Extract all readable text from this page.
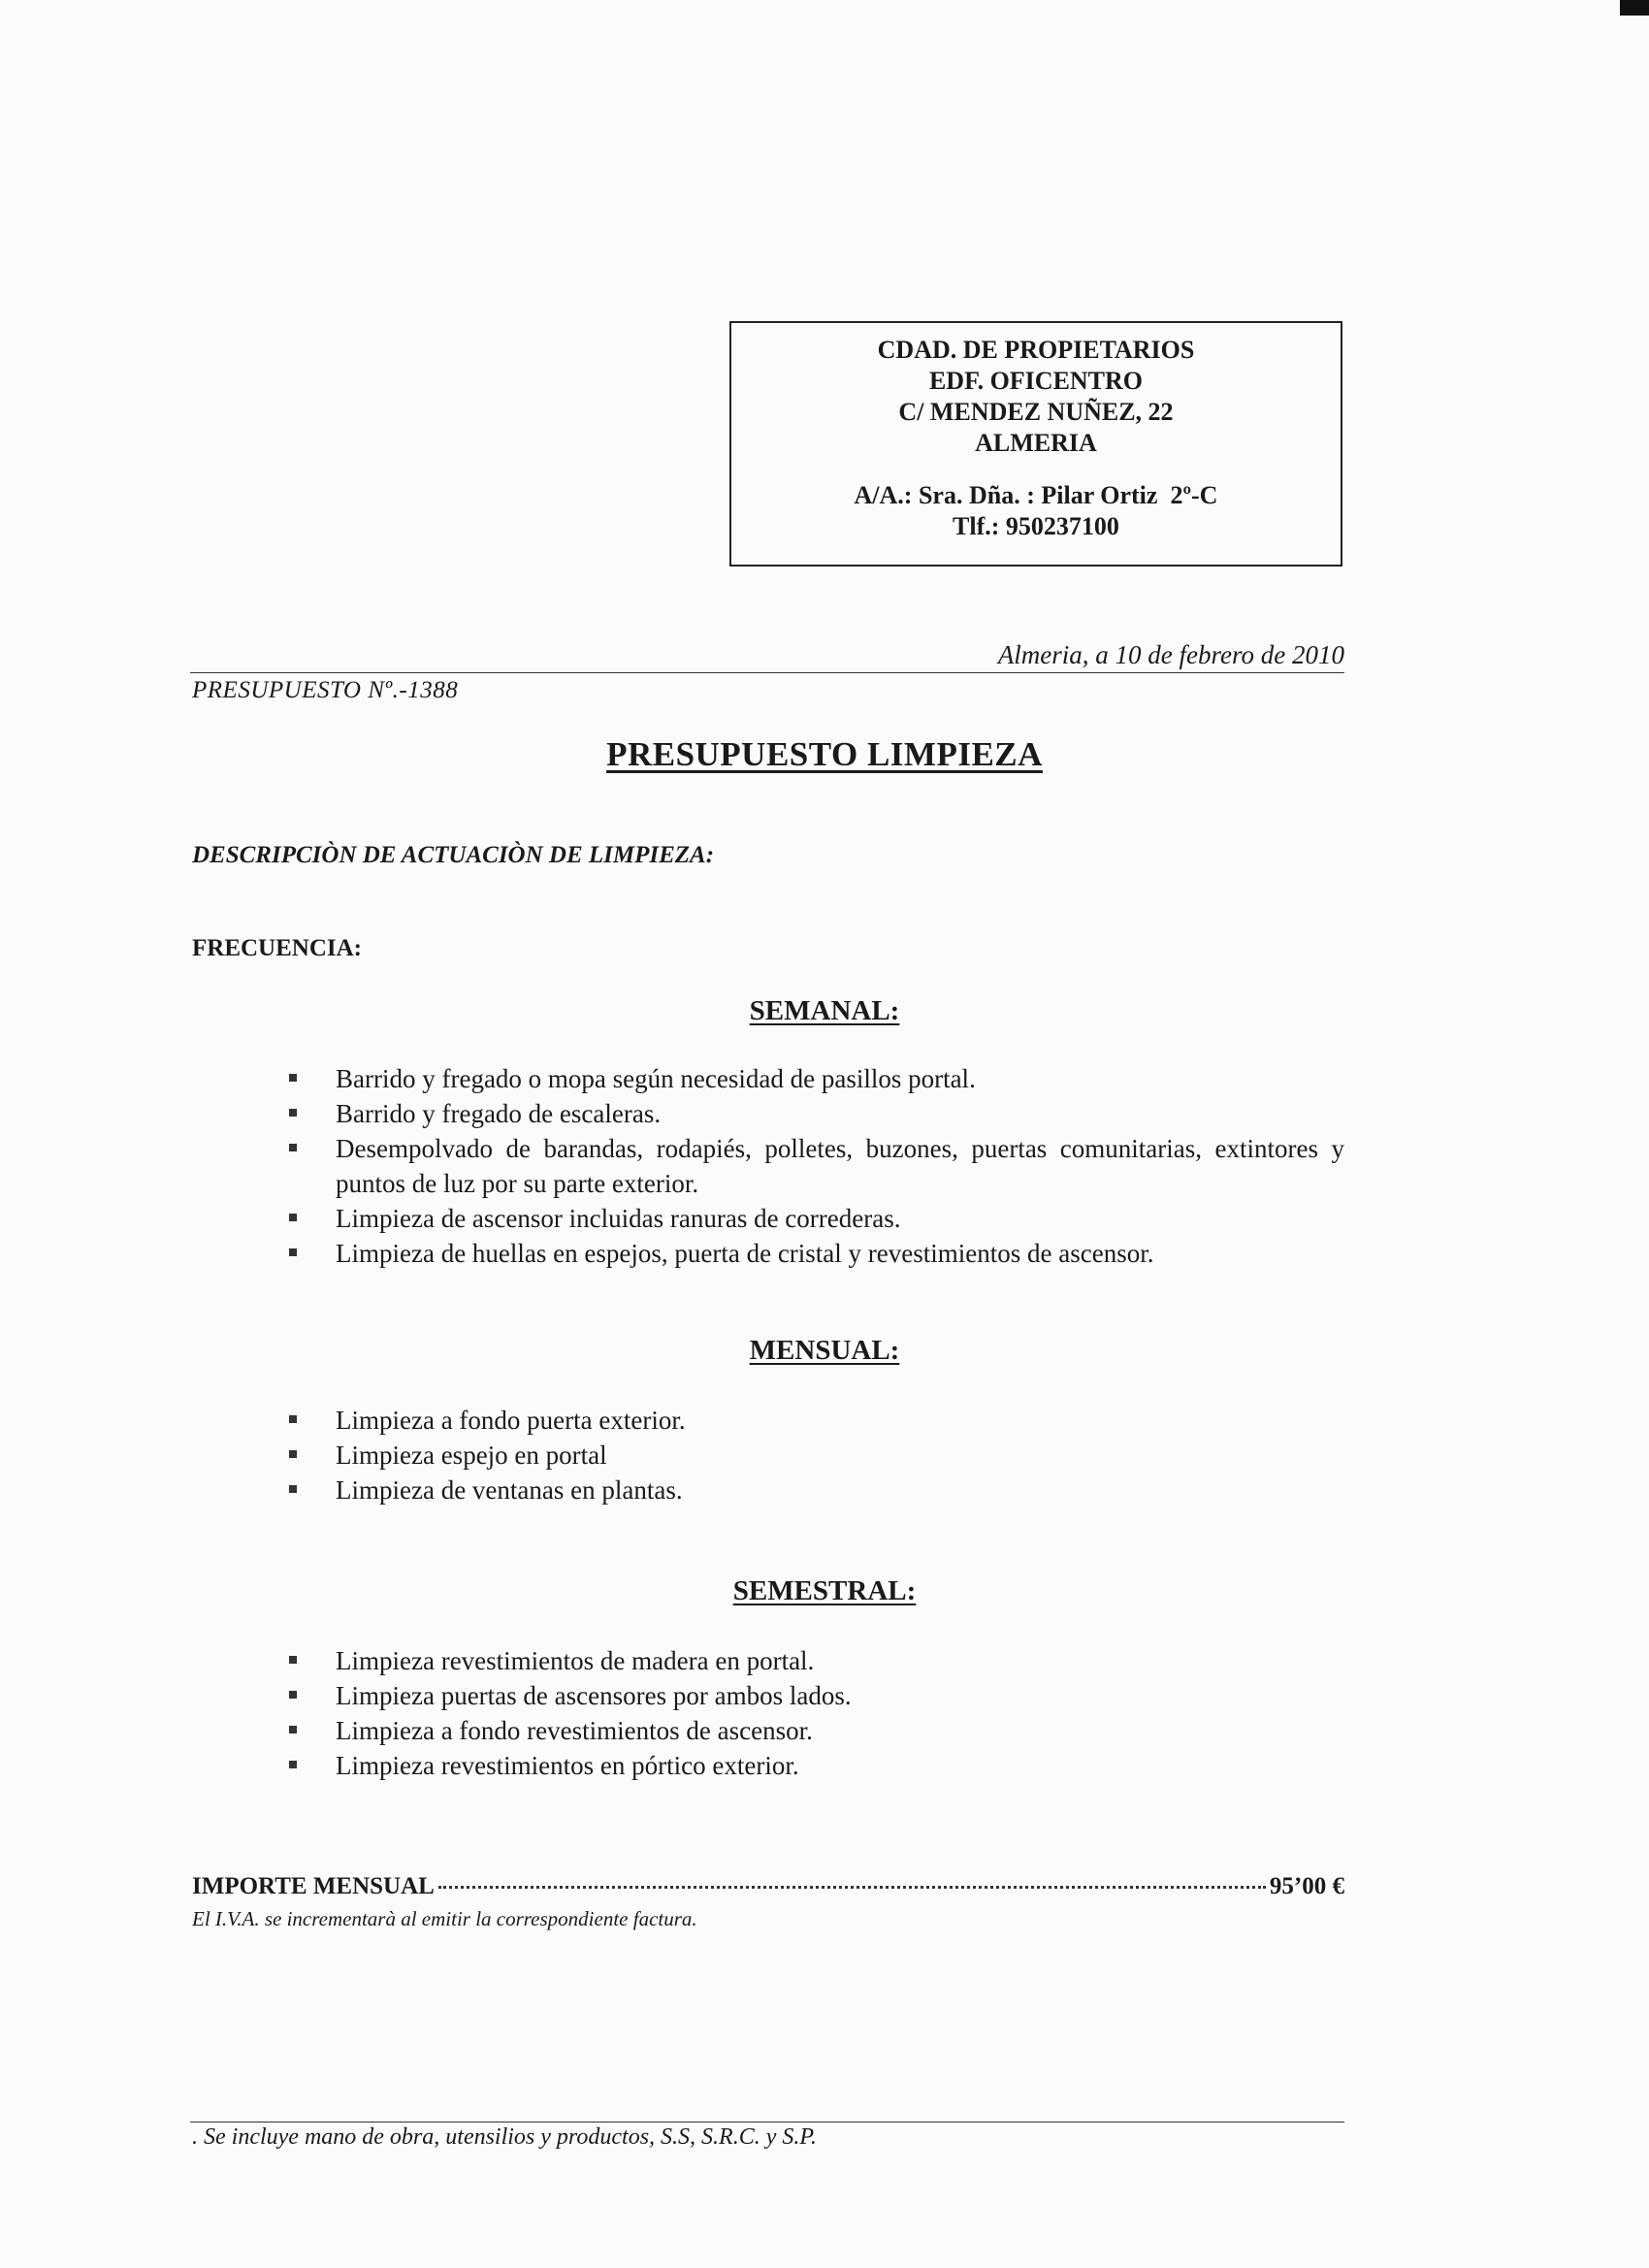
CDAD. DE PROPIETARIOS
EDF. OFICENTRO
C/ MENDEZ NUÑEZ, 22
ALMERIA
A/A.: Sra. Dña. : Pilar Ortiz  2º-C
Tlf.: 950237100
Almeria, a 10 de febrero de 2010
PRESUPUESTO Nº.-1388
PRESUPUESTO LIMPIEZA
DESCRIPCIÒN DE ACTUACIÒN DE LIMPIEZA:
FRECUENCIA:
SEMANAL:
Barrido y fregado o mopa según necesidad de pasillos portal.
Barrido y fregado de escaleras.
Desempolvado de barandas, rodapiés, polletes, buzones, puertas comunitarias, extintores y puntos de luz por su parte exterior.
Limpieza de ascensor incluidas ranuras de correderas.
Limpieza de huellas en espejos, puerta de cristal y revestimientos de ascensor.
MENSUAL:
Limpieza a fondo puerta exterior.
Limpieza espejo en portal
Limpieza de ventanas en plantas.
SEMESTRAL:
Limpieza revestimientos de madera en portal.
Limpieza puertas de ascensores por ambos lados.
Limpieza a fondo revestimientos de ascensor.
Limpieza revestimientos en pórtico exterior.
IMPORTE MENSUAL	95’00 €
El I.V.A. se incrementarà al emitir la correspondiente factura.
. Se incluye mano de obra, utensilios y productos, S.S, S.R.C. y S.P.
